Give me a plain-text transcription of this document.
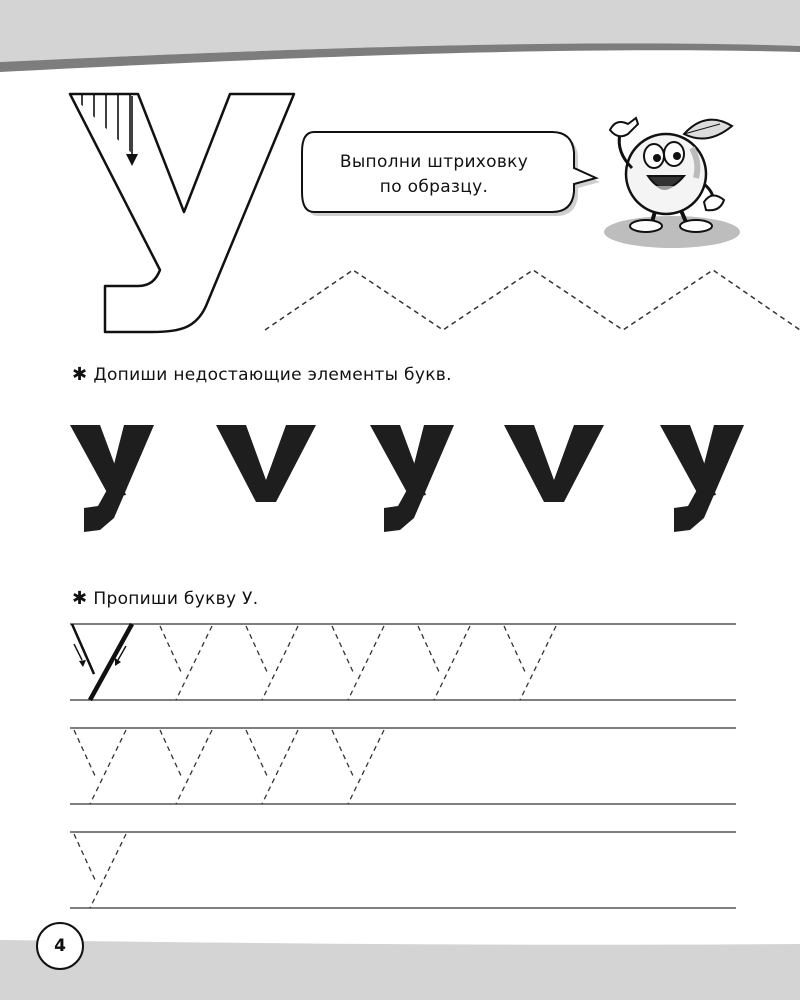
Выполни штриховку
по образцу.
✱ Допиши недостающие элементы букв.
✱ Пропиши букву У.
4
